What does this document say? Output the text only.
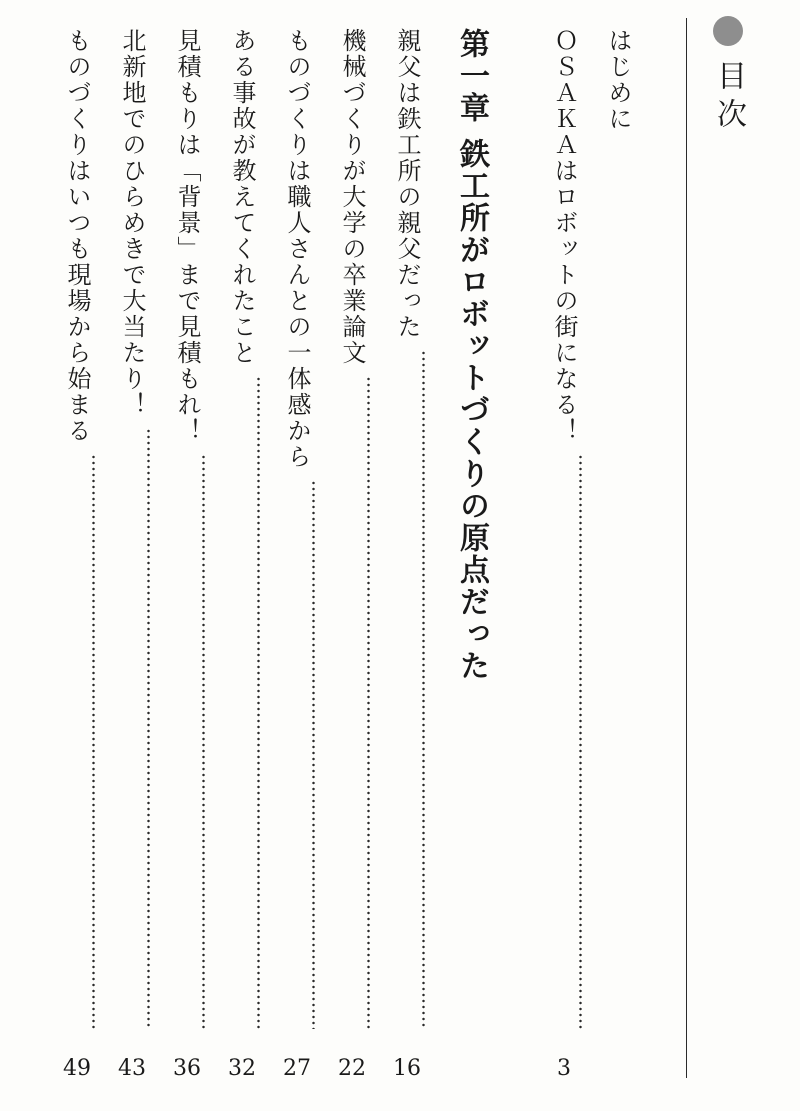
目次
はじめに
ＯＳＡＫＡはロボットの街になる！
3
第一章
鉄工所がロボットづくりの原点だった
親父は鉄工所の親父だった
16
機械づくりが大学の卒業論文
22
ものづくりは職人さんとの一体感から
27
ある事故が教えてくれたこと
32
見積もりは「背景」まで見積もれ！
36
北新地でのひらめきで大当たり！
43
ものづくりはいつも現場から始まる
49
